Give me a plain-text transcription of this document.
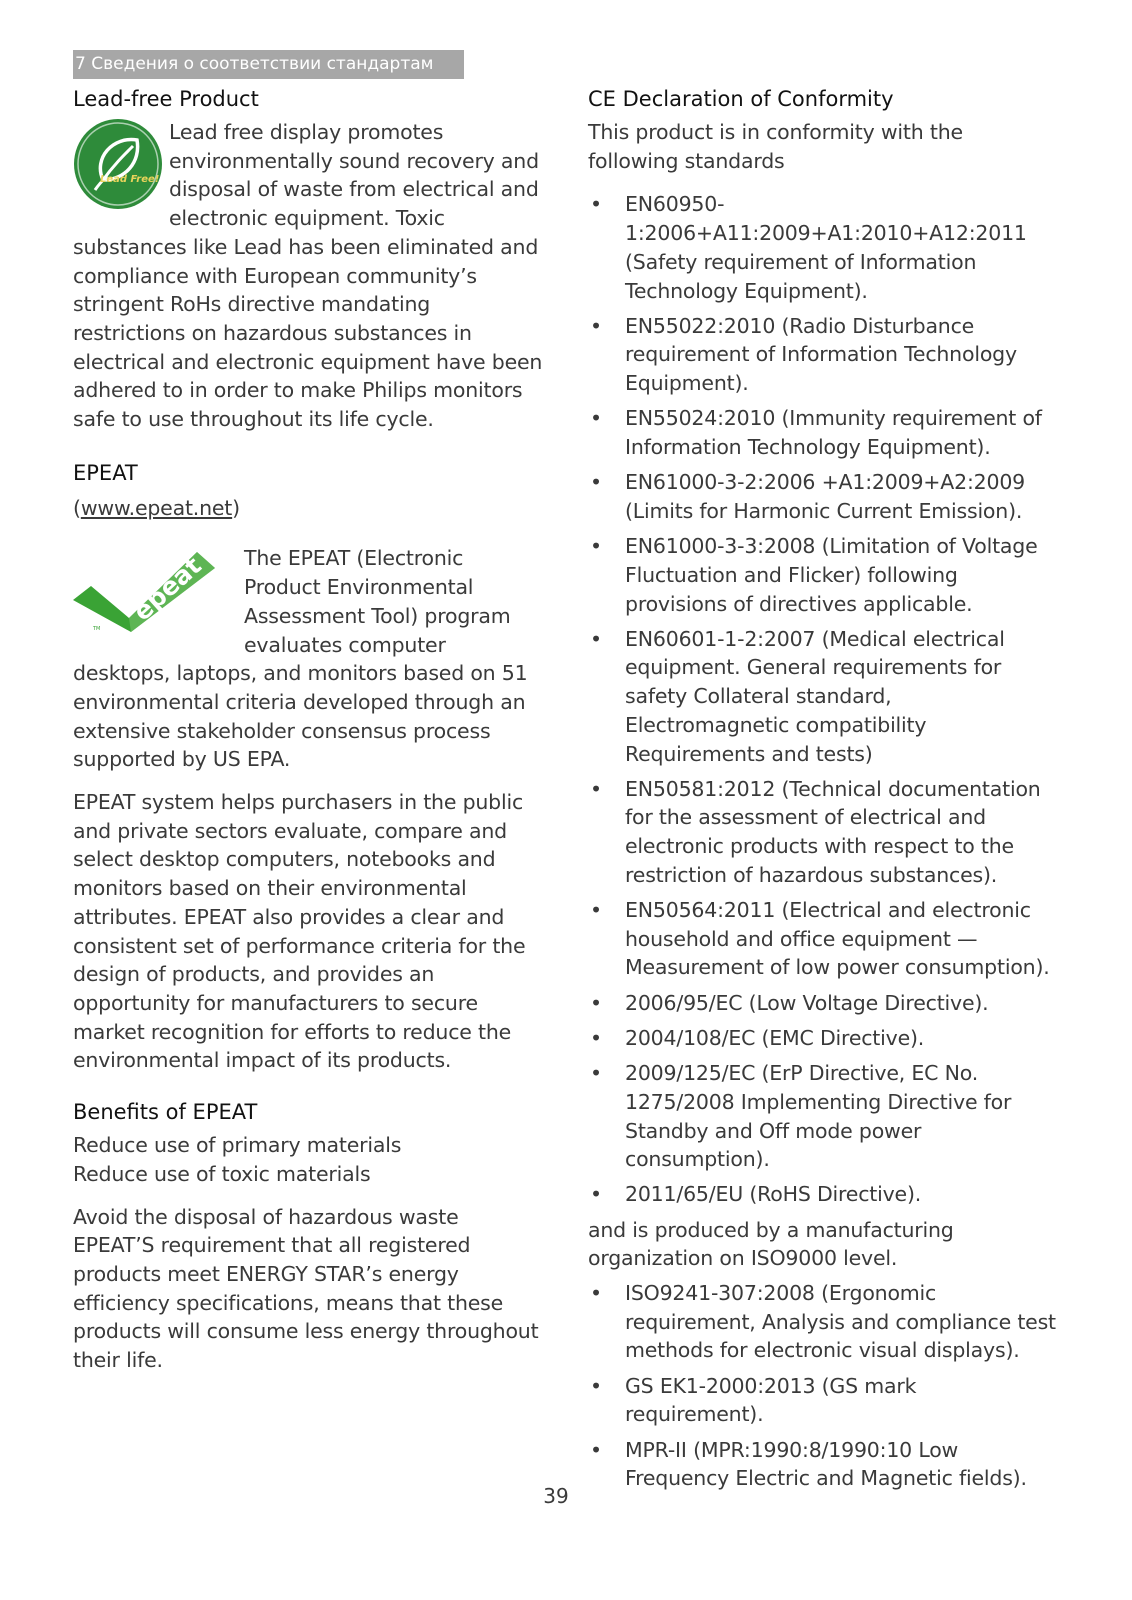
7 Сведения о соответствии стандартам
Lead-free Product
Lead Free!

Lead free display promotes environmentally sound recovery and disposal of waste from electrical and electronic equipment. Toxic substances like Lead has been eliminated and compliance with European community’s stringent RoHs directive mandating restrictions on hazardous substances in electrical and electronic equipment have been adhered to in order to make Philips monitors safe to use throughout its life cycle.

EPEAT

(www.epeat.net)

epeat
TM

The EPEAT (Electronic Product Environmental Assessment Tool) program evaluates computer desktops, laptops, and monitors based on 51 environmental criteria developed through an extensive stakeholder consensus process supported by US EPA.

EPEAT system helps purchasers in the public and private sectors evaluate, compare and select desktop computers, notebooks and monitors based on their environmental attributes. EPEAT also provides a clear and consistent set of performance criteria for the design of products, and provides an opportunity for manufacturers to secure market recognition for efforts to reduce the environmental impact of its products.

Benefits of EPEAT

Reduce use of primary materials

Reduce use of toxic materials

Avoid the disposal of hazardous waste EPEAT’S requirement that all registered products meet ENERGY STAR’s energy efficiency specifications, means that these products will consume less energy throughout their life.

CE Declaration of Conformity

This product is in conformity with the following standards

• EN60950-1:2006+A11:2009+A1:2010+A12:2011 (Safety requirement of Information Technology Equipment).
• EN55022:2010 (Radio Disturbance requirement of Information Technology Equipment).
• EN55024:2010 (Immunity requirement of Information Technology Equipment).
• EN61000-3-2:2006 +A1:2009+A2:2009 (Limits for Harmonic Current Emission).
• EN61000-3-3:2008 (Limitation of Voltage Fluctuation and Flicker) following provisions of directives applicable.
• EN60601-1-2:2007 (Medical electrical equipment. General requirements for safety Collateral standard, Electromagnetic compatibility Requirements and tests)
• EN50581:2012 (Technical documentation for the assessment of electrical and electronic products with respect to the restriction of hazardous substances).
• EN50564:2011 (Electrical and electronic household and office equipment — Measurement of low power consumption).
• 2006/95/EC (Low Voltage Directive).
• 2004/108/EC (EMC Directive).
• 2009/125/EC (ErP Directive, EC No. 1275/2008 Implementing Directive for Standby and Off mode power consumption).
• 2011/65/EU (RoHS Directive).

and is produced by a manufacturing organization on ISO9000 level.

• ISO9241-307:2008 (Ergonomic requirement, Analysis and compliance test methods for electronic visual displays).
• GS EK1-2000:2013 (GS mark requirement).
• MPR-II (MPR:1990:8/1990:10 Low Frequency Electric and Magnetic fields).
39
